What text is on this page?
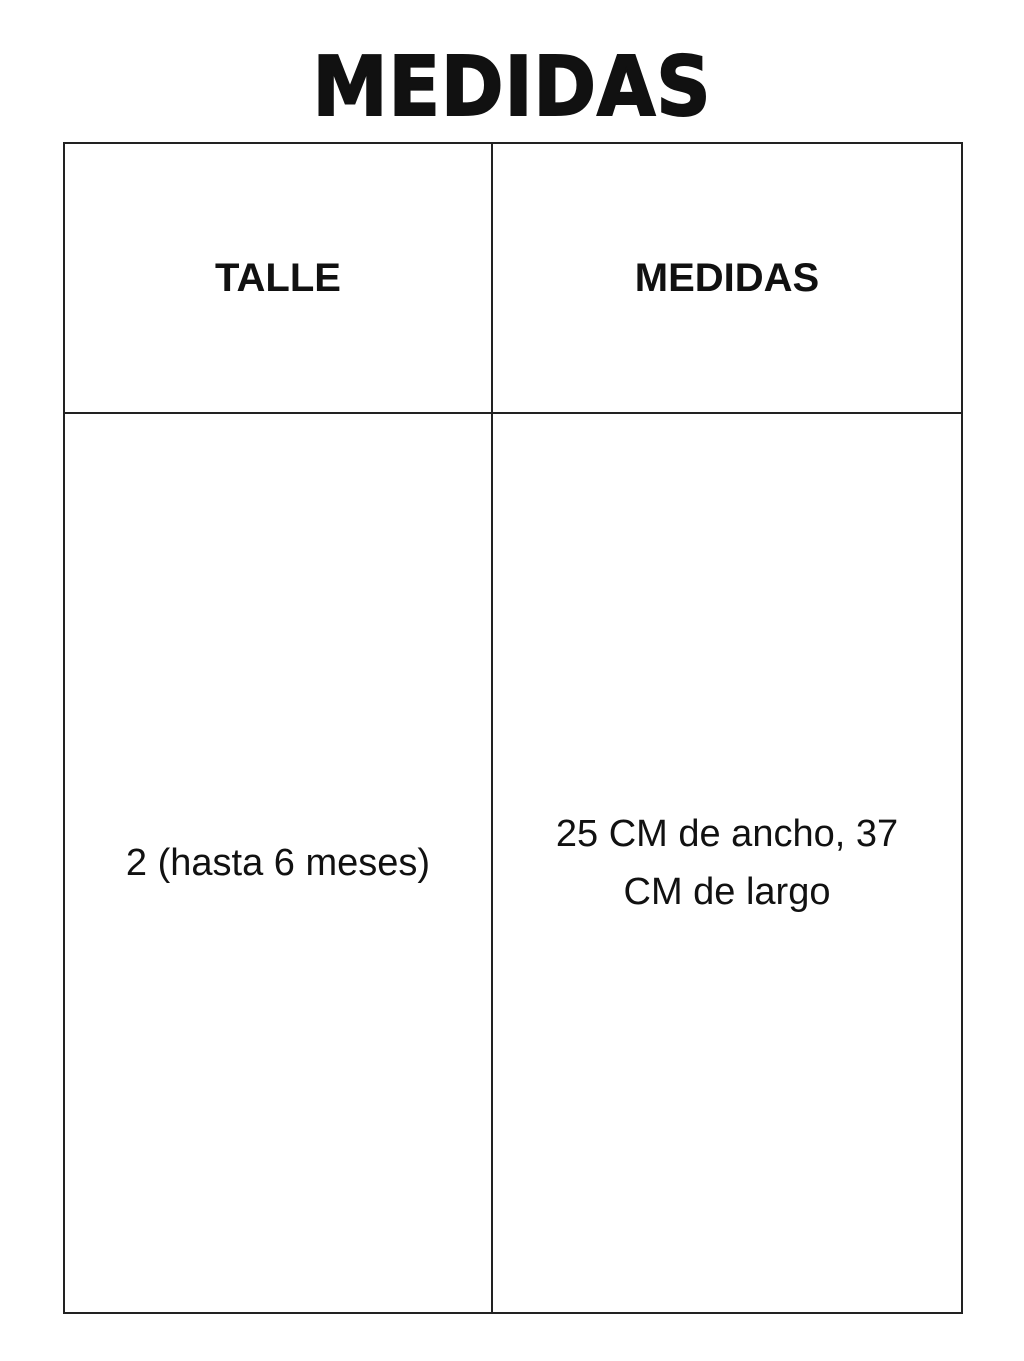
MEDIDAS
TALLE	MEDIDAS
2 (hasta 6 meses)	25 CM de ancho, 37 CM de largo
